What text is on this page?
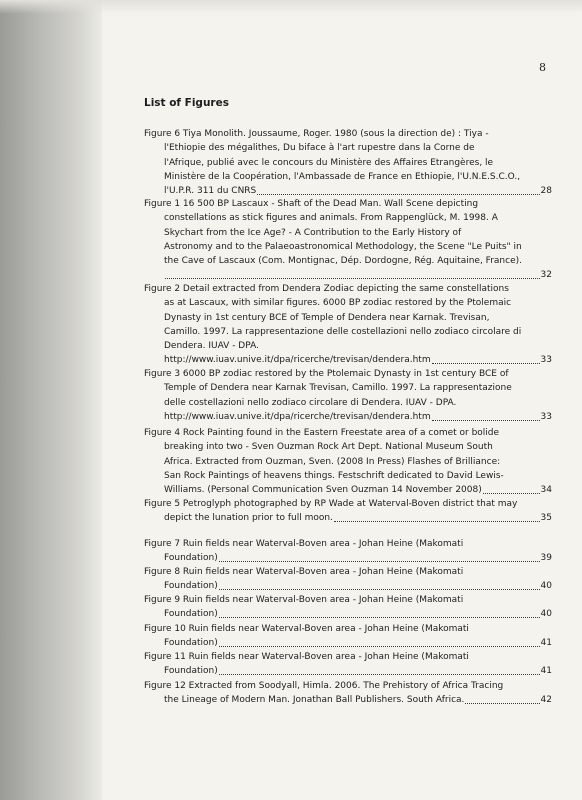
8
List of Figures
Figure 6 Tiya Monolith. Joussaume, Roger. 1980 (sous la direction de) : Tiya -
l'Ethiopie des mégalithes, Du biface à l'art rupestre dans la Corne de
l'Afrique, publié avec le concours du Ministère des Affaires Etrangères, le
Ministère de la Coopération, l'Ambassade de France en Ethiopie, l'U.N.E.S.C.O.,
l'U.P.R. 311 du CNRS	28
Figure 1 16 500 BP Lascaux - Shaft of the Dead Man. Wall Scene depicting
constellations as stick figures and animals. From Rappenglück, M. 1998. A
Skychart from the Ice Age? - A Contribution to the Early History of
Astronomy and to the Palaeoastronomical Methodology, the Scene "Le Puits" in
the Cave of Lascaux (Com. Montignac, Dép. Dordogne, Rég. Aquitaine, France).
32
Figure 2 Detail extracted from Dendera Zodiac depicting the same constellations
as at Lascaux, with similar figures. 6000 BP zodiac restored by the Ptolemaic
Dynasty in 1st century BCE of Temple of Dendera near Karnak. Trevisan,
Camillo. 1997. La rappresentazione delle costellazioni nello zodiaco circolare di
Dendera. IUAV - DPA.
http://www.iuav.unive.it/dpa/ricerche/trevisan/dendera.htm	33
Figure 3 6000 BP zodiac restored by the Ptolemaic Dynasty in 1st century BCE of
Temple of Dendera near Karnak Trevisan, Camillo. 1997. La rappresentazione
delle costellazioni nello zodiaco circolare di Dendera. IUAV - DPA.
http://www.iuav.unive.it/dpa/ricerche/trevisan/dendera.htm	33
Figure 4 Rock Painting found in the Eastern Freestate area of a comet or bolide
breaking into two - Sven Ouzman Rock Art Dept. National Museum South
Africa. Extracted from Ouzman, Sven. (2008 In Press) Flashes of Brilliance:
San Rock Paintings of heavens things. Festschrift dedicated to David Lewis-
Williams. (Personal Communication Sven Ouzman 14 November 2008)	34
Figure 5 Petroglyph photographed by RP Wade at Waterval-Boven district that may
depict the lunation prior to full moon.	35
Figure 7 Ruin fields near Waterval-Boven area - Johan Heine (Makomati
Foundation)	39
Figure 8 Ruin fields near Waterval-Boven area - Johan Heine (Makomati
Foundation)	40
Figure 9 Ruin fields near Waterval-Boven area - Johan Heine (Makomati
Foundation)	40
Figure 10 Ruin fields near Waterval-Boven area - Johan Heine (Makomati
Foundation)	41
Figure 11 Ruin fields near Waterval-Boven area - Johan Heine (Makomati
Foundation)	41
Figure 12 Extracted from Soodyall, Himla. 2006. The Prehistory of Africa Tracing
the Lineage of Modern Man. Jonathan Ball Publishers. South Africa.	42
